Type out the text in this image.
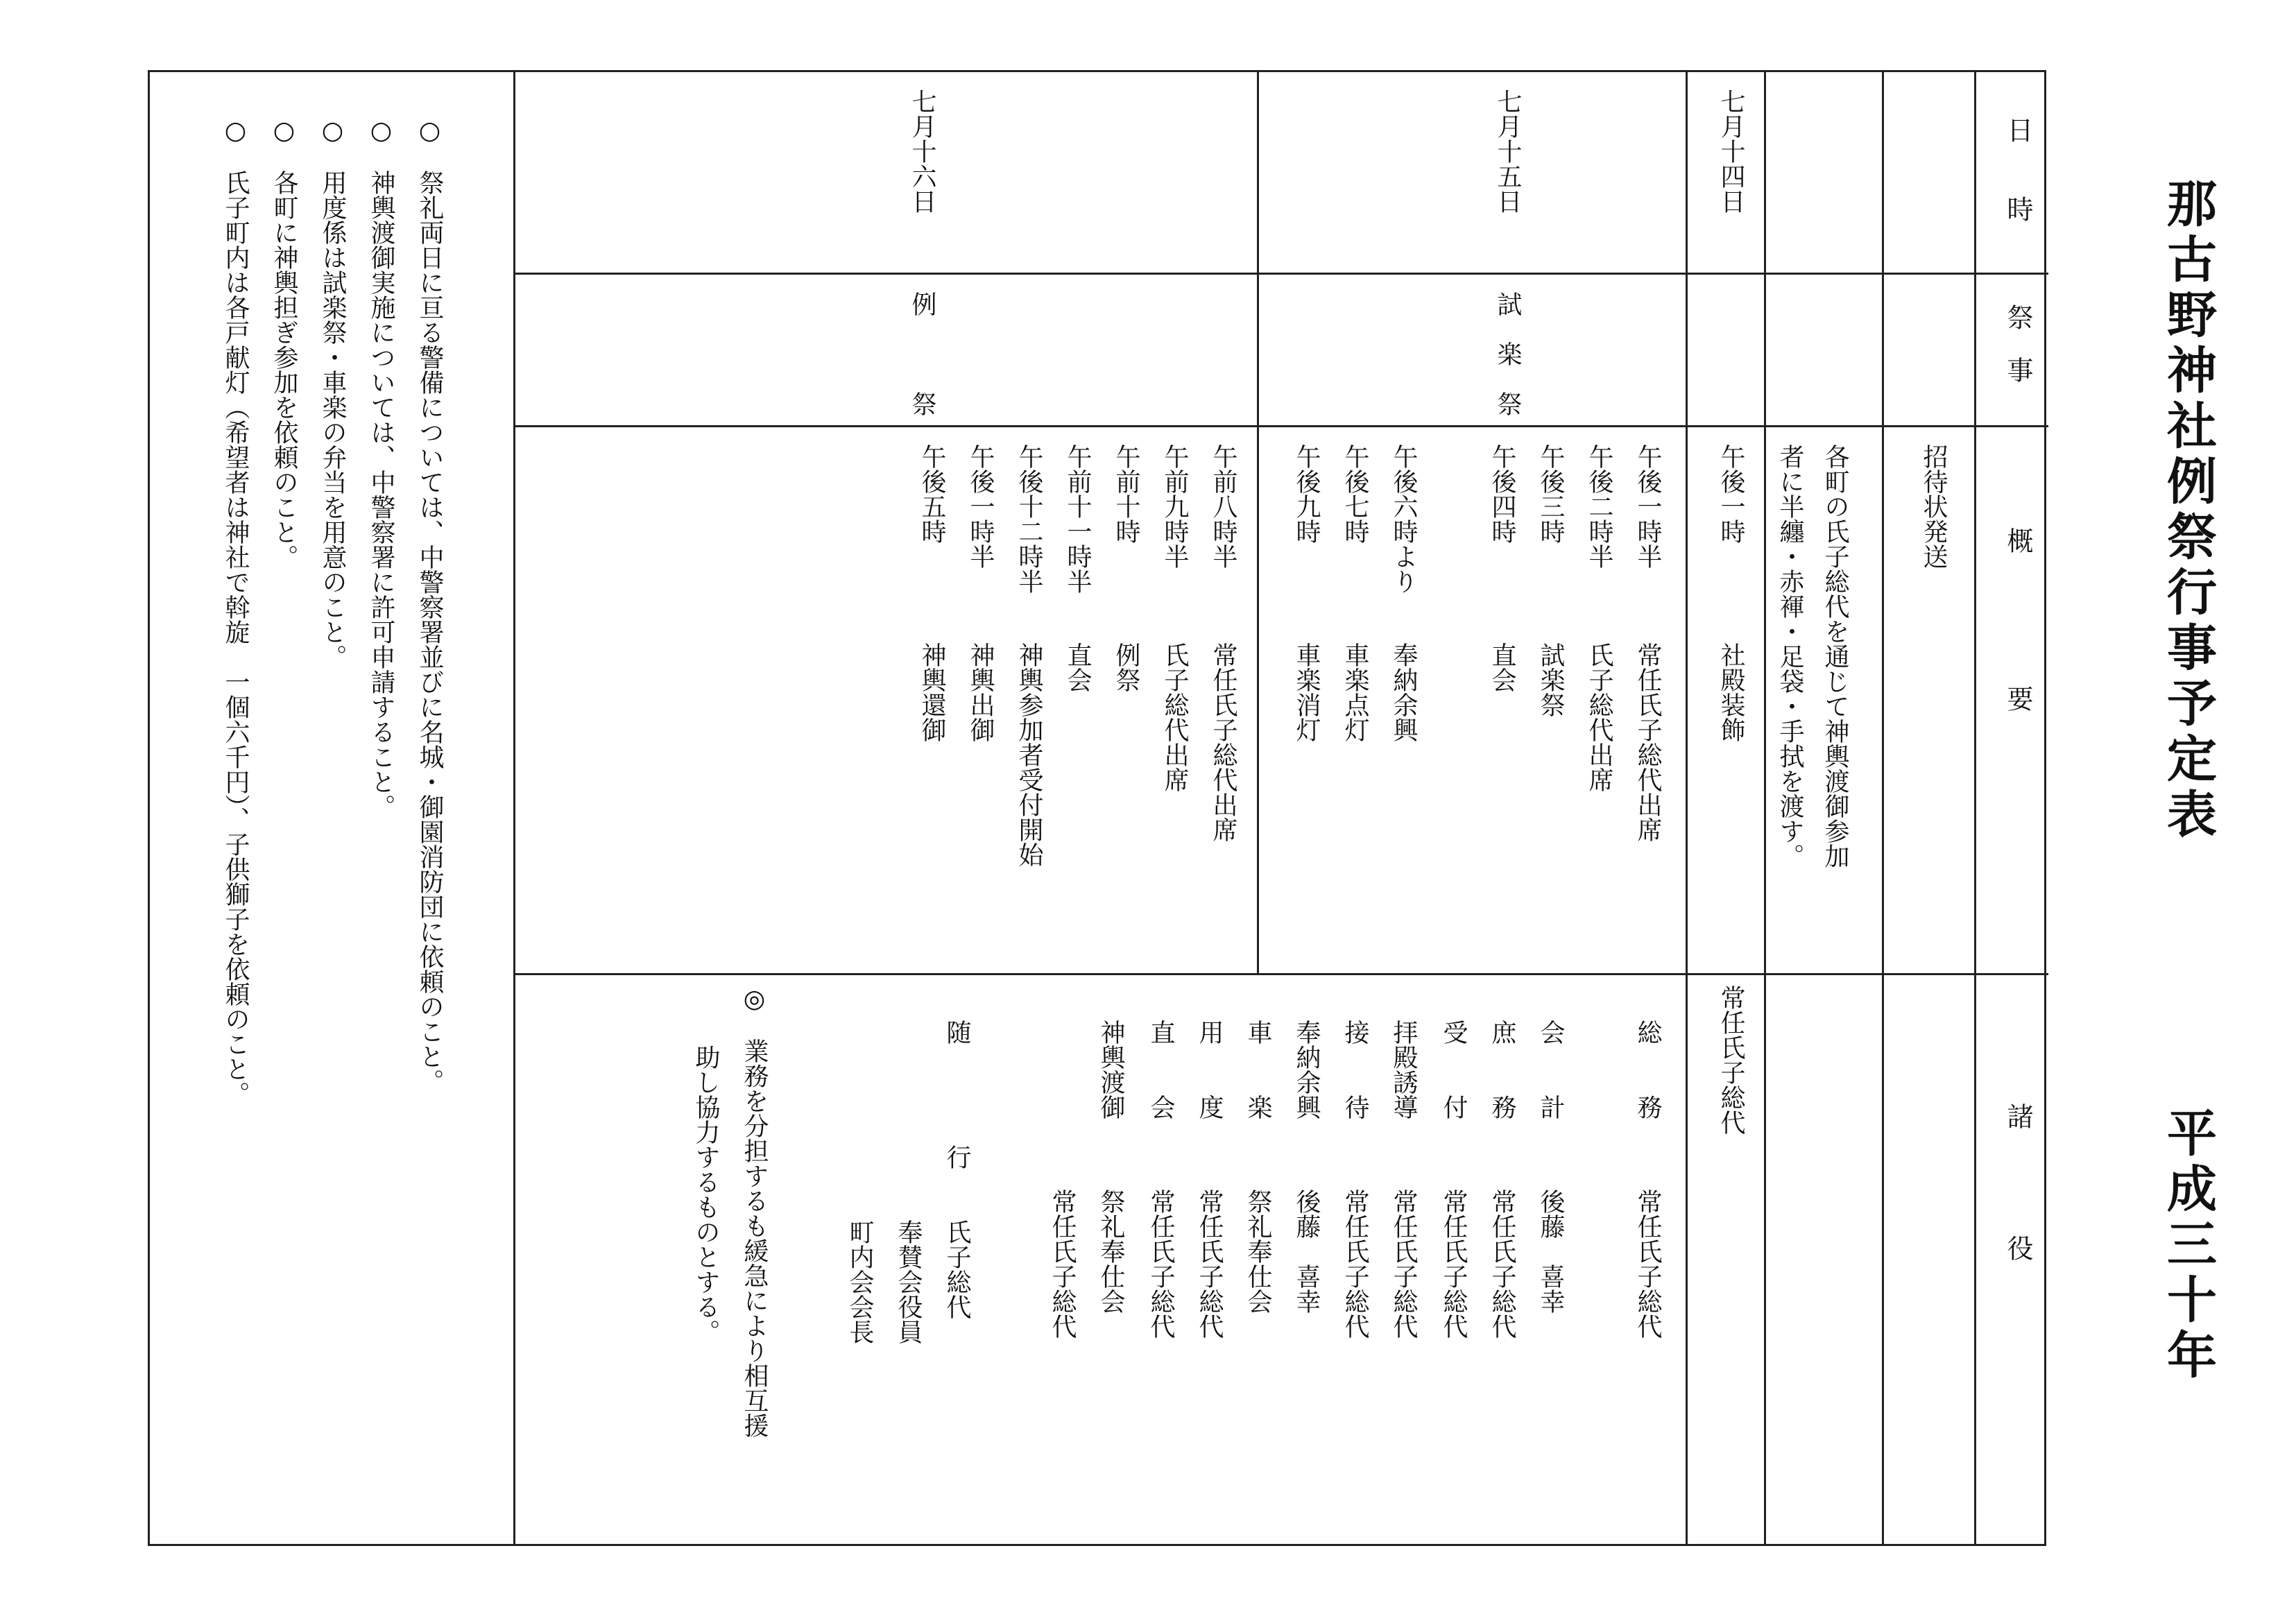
那古野神社例祭行事予定表
平成三十年
日　　時
祭　事
概　　　　　要
諸　　　　役
招待状発送
各町の氏子総代を通じて神輿渡御参加
者に半纏・赤褌・足袋・手拭を渡す。
七月十四日
午後一時
社殿装飾
常任氏子総代
七月十五日
試　楽　祭
午後一時半
常任氏子総代出席
午後二時半
氏子総代出席
午後三時
試楽祭
午後四時
直会
午後六時より
奉納余興
午後七時
車楽点灯
午後九時
車楽消灯
七月十六日
例　　　祭
午前八時半
常任氏子総代出席
午前九時半
氏子総代出席
午前十時
例祭
午前十一時半
直会
午後十二時半
神輿参加者受付開始
午後一時半
神輿出御
午後五時
神輿還御
総　　務
常任氏子総代
会　　計
後藤　喜幸
庶　　務
常任氏子総代
受　　付
常任氏子総代
拝殿誘導
常任氏子総代
接　　待
常任氏子総代
奉納余興
後藤　喜幸
車　　楽
祭礼奉仕会
用　　度
常任氏子総代
直　　会
常任氏子総代
神輿渡御
祭礼奉仕会
常任氏子総代
随　　　　行
氏子総代
奉賛会役員
町内会会長
◎　業務を分担するも緩急により相互援
助し協力するものとする。
○　祭礼両日に亘る警備については、中警察署並びに名城・御園消防団に依頼のこと。
○　神輿渡御実施については、中警察署に許可申請すること。
○　用度係は試楽祭・車楽の弁当を用意のこと。
○　各町に神輿担ぎ参加を依頼のこと。
○　氏子町内は各戸献灯（希望者は神社で斡旋　一個六千円）、子供獅子を依頼のこと。
